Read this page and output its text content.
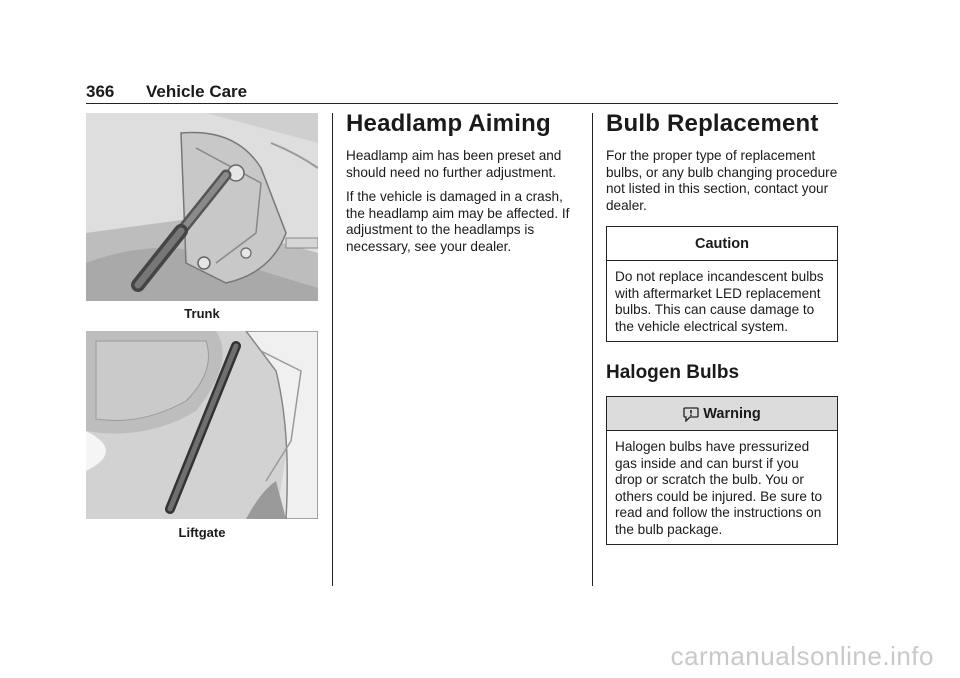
366 Vehicle Care
Trunk
Liftgate
Headlamp Aiming

Headlamp aim has been preset and should need no further adjustment.

If the vehicle is damaged in a crash, the headlamp aim may be affected. If adjustment to the headlamps is necessary, see your dealer.

Bulb Replacement

For the proper type of replacement bulbs, or any bulb changing procedure not listed in this section, contact your dealer.

Caution
Do not replace incandescent bulbs with aftermarket LED replacement bulbs. This can cause damage to the vehicle electrical system.
Halogen Bulbs
Warning
Halogen bulbs have pressurized gas inside and can burst if you drop or scratch the bulb. You or others could be injured. Be sure to read and follow the instructions on the bulb package.
carmanualsonline.info
